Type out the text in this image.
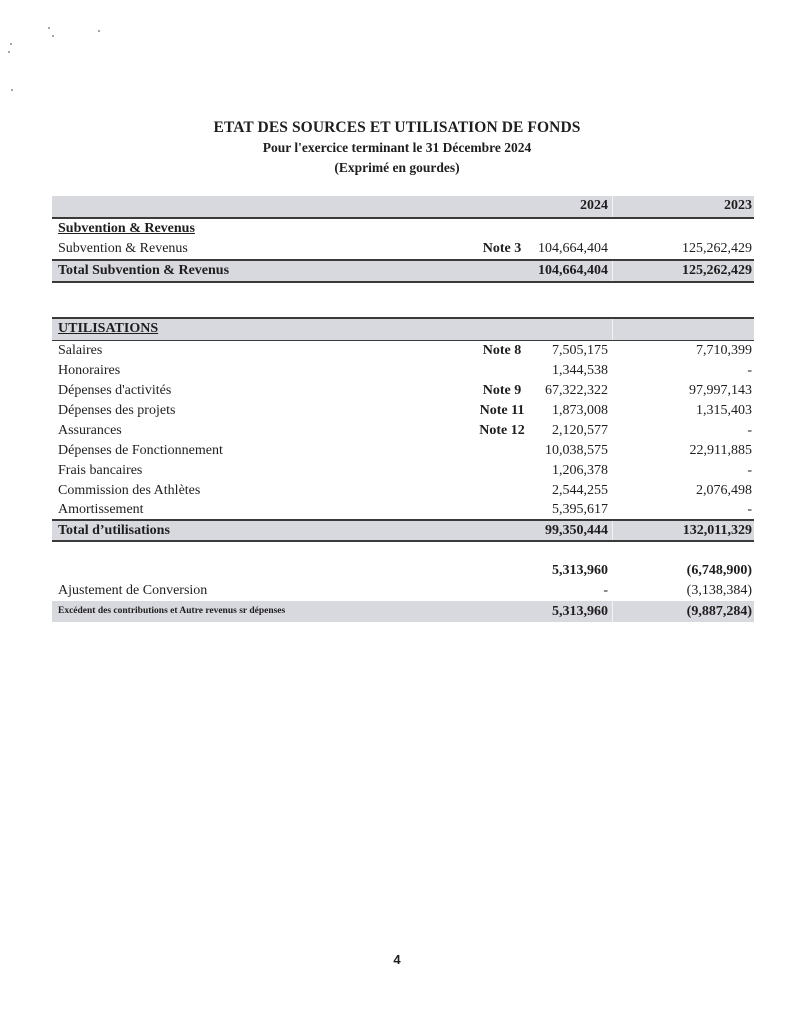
ETAT DES SOURCES ET UTILISATION DE FONDS
Pour l'exercice terminant le 31 Décembre 2024
(Exprimé en gourdes)
2024	2023
Subvention & Revenus
Subvention & Revenus	Note 3	104,664,404	125,262,429
Total Subvention & Revenus	104,664,404	125,262,429
UTILISATIONS
Salaires	Note 8	7,505,175	7,710,399
Honoraires	1,344,538	-
Dépenses d'activités	Note 9	67,322,322	97,997,143
Dépenses des projets	Note 11	1,873,008	1,315,403
Assurances	Note 12	2,120,577	-
Dépenses de Fonctionnement	10,038,575	22,911,885
Frais bancaires	1,206,378	-
Commission des Athlètes	2,544,255	2,076,498
Amortissement	5,395,617	-
Total d’utilisations	99,350,444	132,011,329
5,313,960	(6,748,900)
Ajustement de Conversion	-	(3,138,384)
Excédent des contributions et Autre revenus sr dépenses	5,313,960	(9,887,284)
4
